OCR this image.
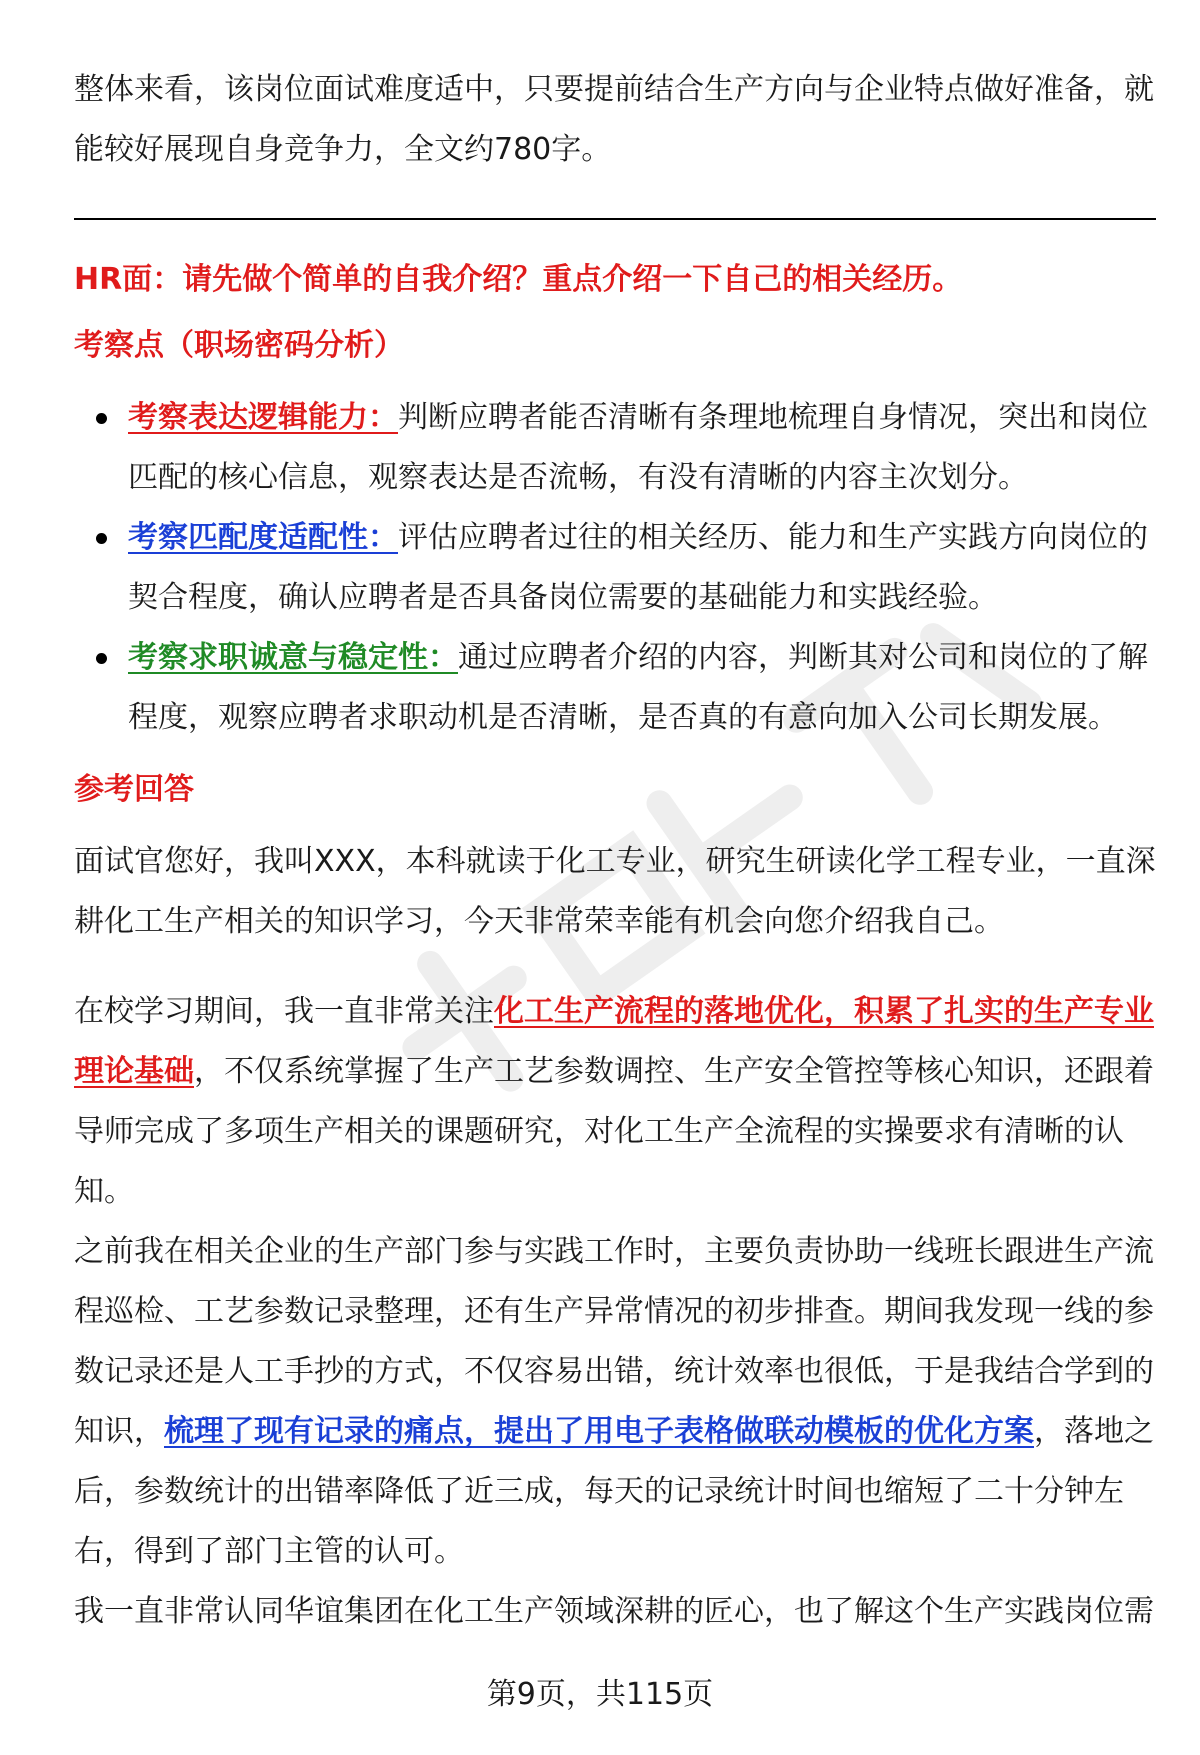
整体来看，该岗位面试难度适中，只要提前结合生产方向与企业特点做好准备，就能较好展现自身竞争力，全文约780字。

HR面：请先做个简单的自我介绍？重点介绍一下自己的相关经历。

考察点（职场密码分析）

考察表达逻辑能力：判断应聘者能否清晰有条理地梳理自身情况，突出和岗位匹配的核心信息，观察表达是否流畅，有没有清晰的内容主次划分。
考察匹配度适配性：评估应聘者过往的相关经历、能力和生产实践方向岗位的契合程度，确认应聘者是否具备岗位需要的基础能力和实践经验。
考察求职诚意与稳定性：通过应聘者介绍的内容，判断其对公司和岗位的了解程度，观察应聘者求职动机是否清晰，是否真的有意向加入公司长期发展。

参考回答

面试官您好，我叫XXX，本科就读于化工专业，研究生研读化学工程专业，一直深耕化工生产相关的知识学习，今天非常荣幸能有机会向您介绍我自己。

在校学习期间，我一直非常关注化工生产流程的落地优化，积累了扎实的生产专业理论基础，不仅系统掌握了生产工艺参数调控、生产安全管控等核心知识，还跟着导师完成了多项生产相关的课题研究，对化工生产全流程的实操要求有清晰的认知。

之前我在相关企业的生产部门参与实践工作时，主要负责协助一线班长跟进生产流程巡检、工艺参数记录整理，还有生产异常情况的初步排查。期间我发现一线的参数记录还是人工手抄的方式，不仅容易出错，统计效率也很低，于是我结合学到的知识，梳理了现有记录的痛点，提出了用电子表格做联动模板的优化方案，落地之后，参数统计的出错率降低了近三成，每天的记录统计时间也缩短了二十分钟左右，得到了部门主管的认可。

我一直非常认同华谊集团在化工生产领域深耕的匠心，也了解这个生产实践岗位需

第9页，共115页
